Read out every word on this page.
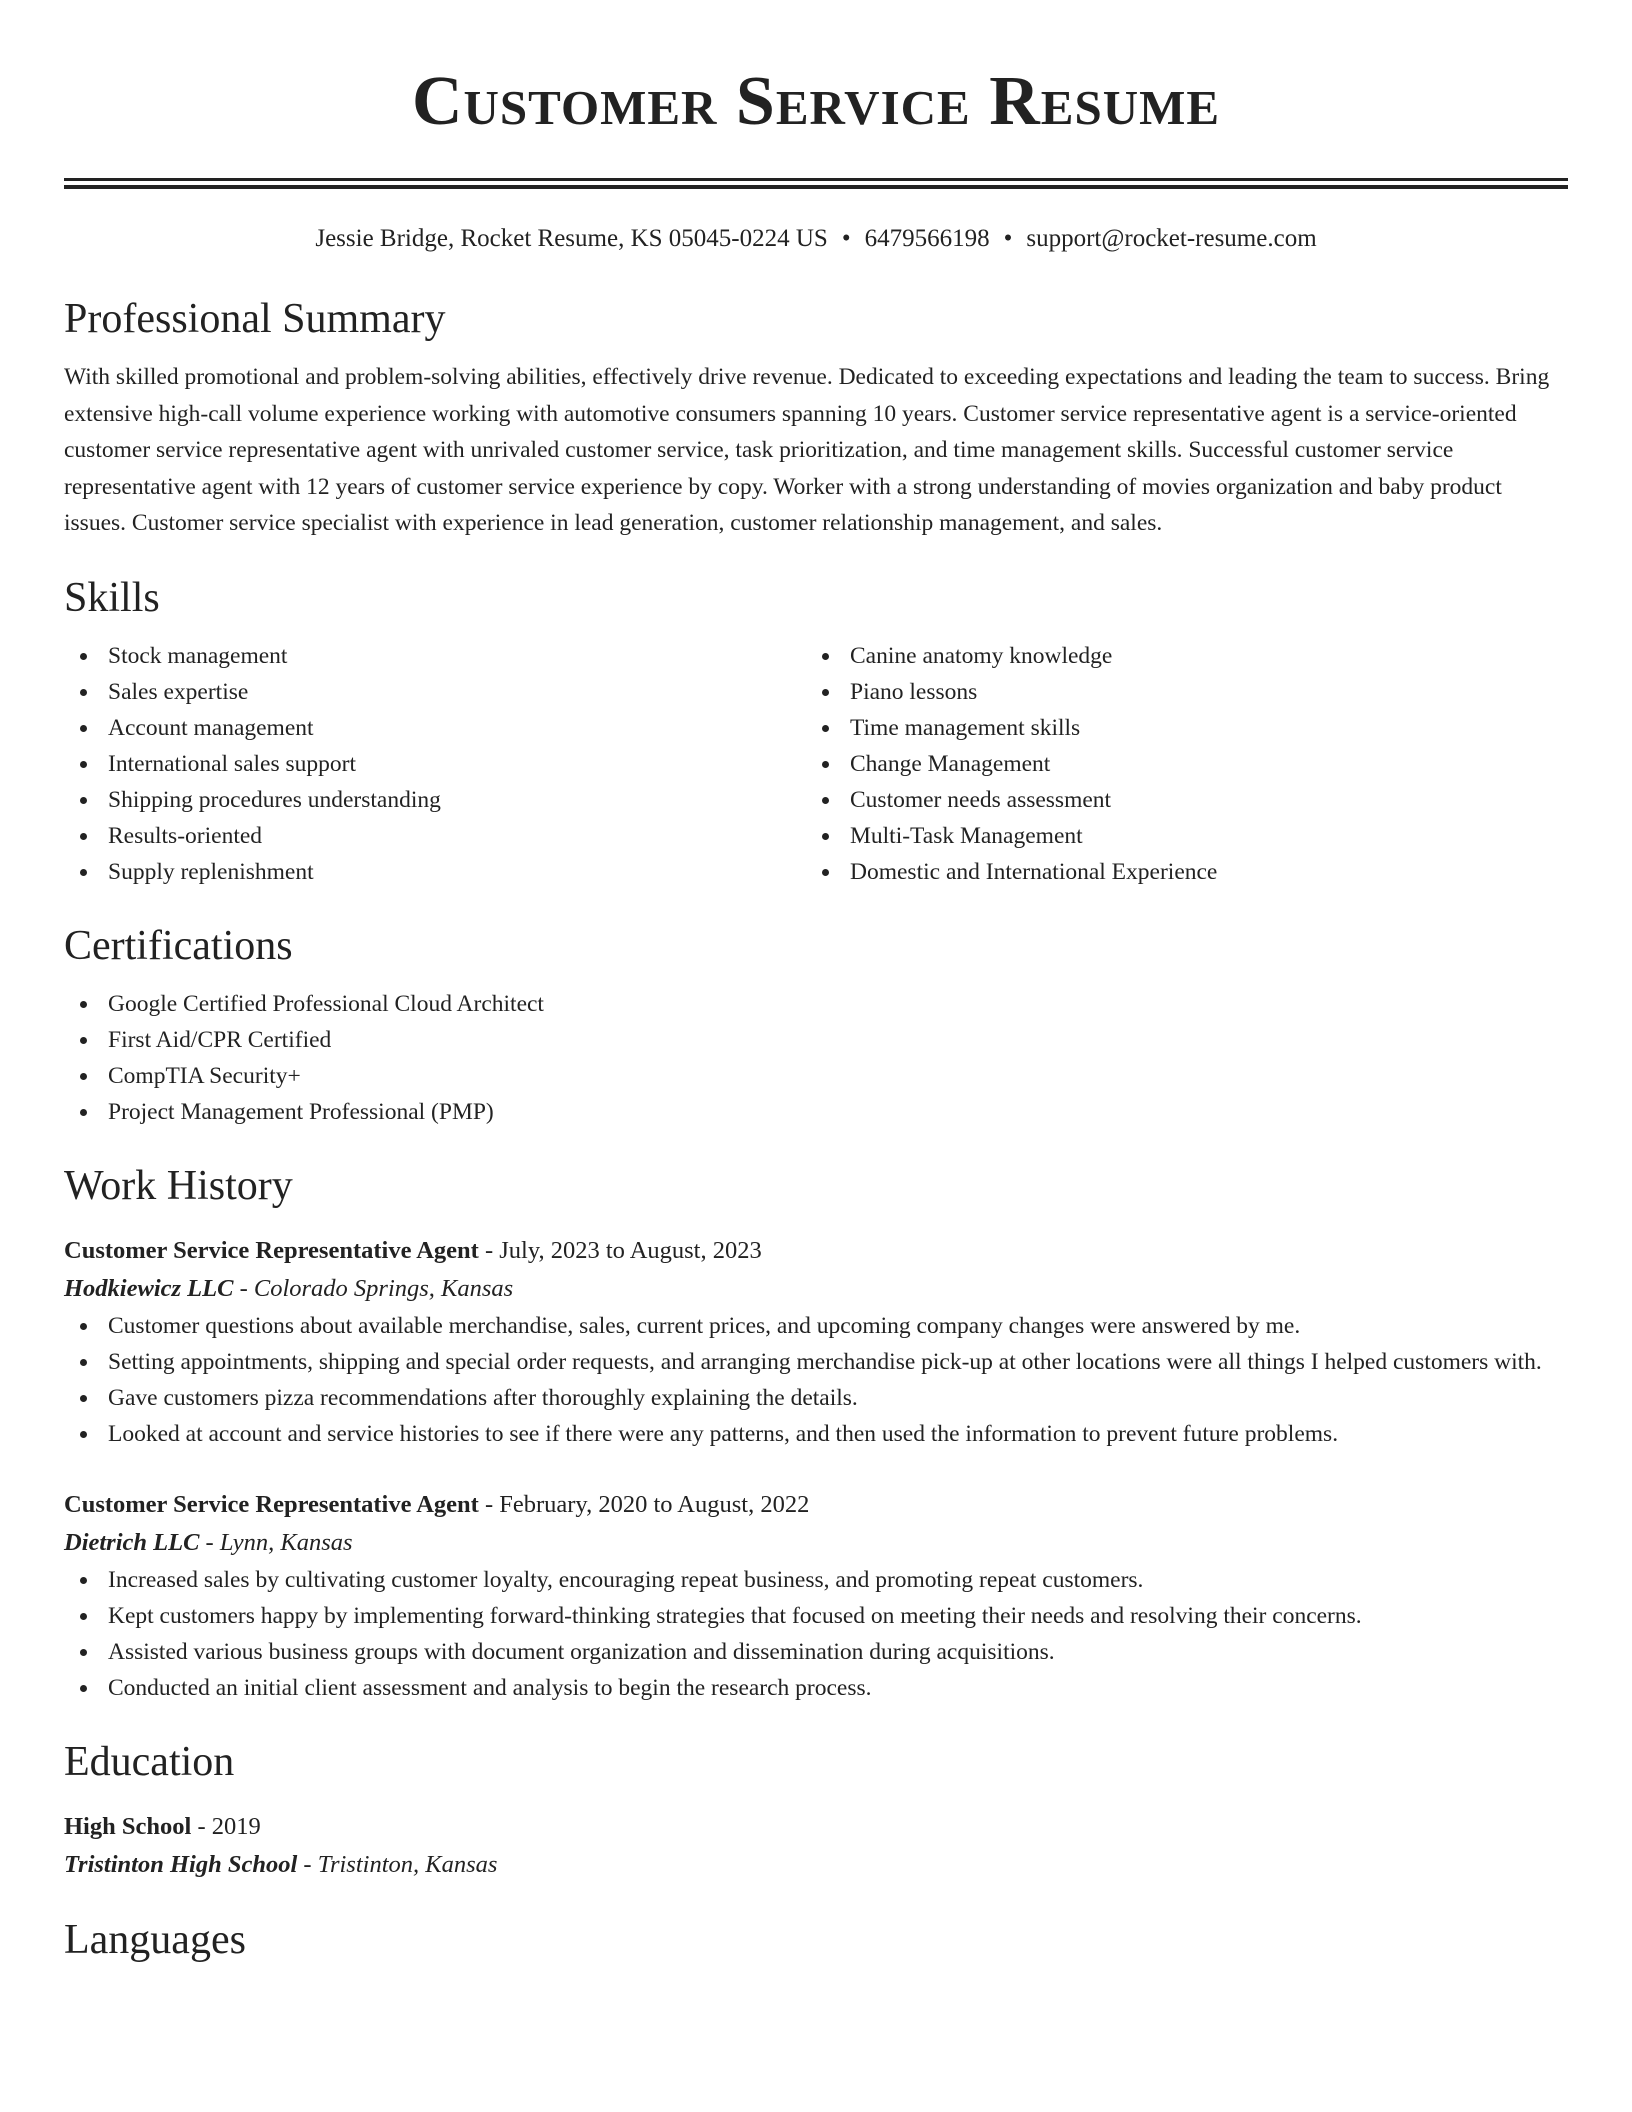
Customer Service Resume
Jessie Bridge, Rocket Resume, KS 05045-0224 US • 6479566198 • support@rocket-resume.com
Professional Summary

With skilled promotional and problem-solving abilities, effectively drive revenue. Dedicated to exceeding expectations and leading the team to success. Bring extensive high-call volume experience working with automotive consumers spanning 10 years. Customer service representative agent is a service-oriented customer service representative agent with unrivaled customer service, task prioritization, and time management skills. Successful customer service representative agent with 12 years of customer service experience by copy. Worker with a strong understanding of movies organization and baby product issues. Customer service specialist with experience in lead generation, customer relationship management, and sales.

Skills
Stock management
Sales expertise
Account management
International sales support
Shipping procedures understanding
Results-oriented
Supply replenishment
Canine anatomy knowledge
Piano lessons
Time management skills
Change Management
Customer needs assessment
Multi-Task Management
Domestic and International Experience
Certifications
Google Certified Professional Cloud Architect
First Aid/CPR Certified
CompTIA Security+
Project Management Professional (PMP)
Work History
Customer Service Representative Agent - July, 2023 to August, 2023
Hodkiewicz LLC - Colorado Springs, Kansas
Customer questions about available merchandise, sales, current prices, and upcoming company changes were answered by me.
Setting appointments, shipping and special order requests, and arranging merchandise pick-up at other locations were all things I helped customers with.
Gave customers pizza recommendations after thoroughly explaining the details.
Looked at account and service histories to see if there were any patterns, and then used the information to prevent future problems.
Customer Service Representative Agent - February, 2020 to August, 2022
Dietrich LLC - Lynn, Kansas
Increased sales by cultivating customer loyalty, encouraging repeat business, and promoting repeat customers.
Kept customers happy by implementing forward-thinking strategies that focused on meeting their needs and resolving their concerns.
Assisted various business groups with document organization and dissemination during acquisitions.
Conducted an initial client assessment and analysis to begin the research process.
Education
High School - 2019
Tristinton High School - Tristinton, Kansas
Languages
